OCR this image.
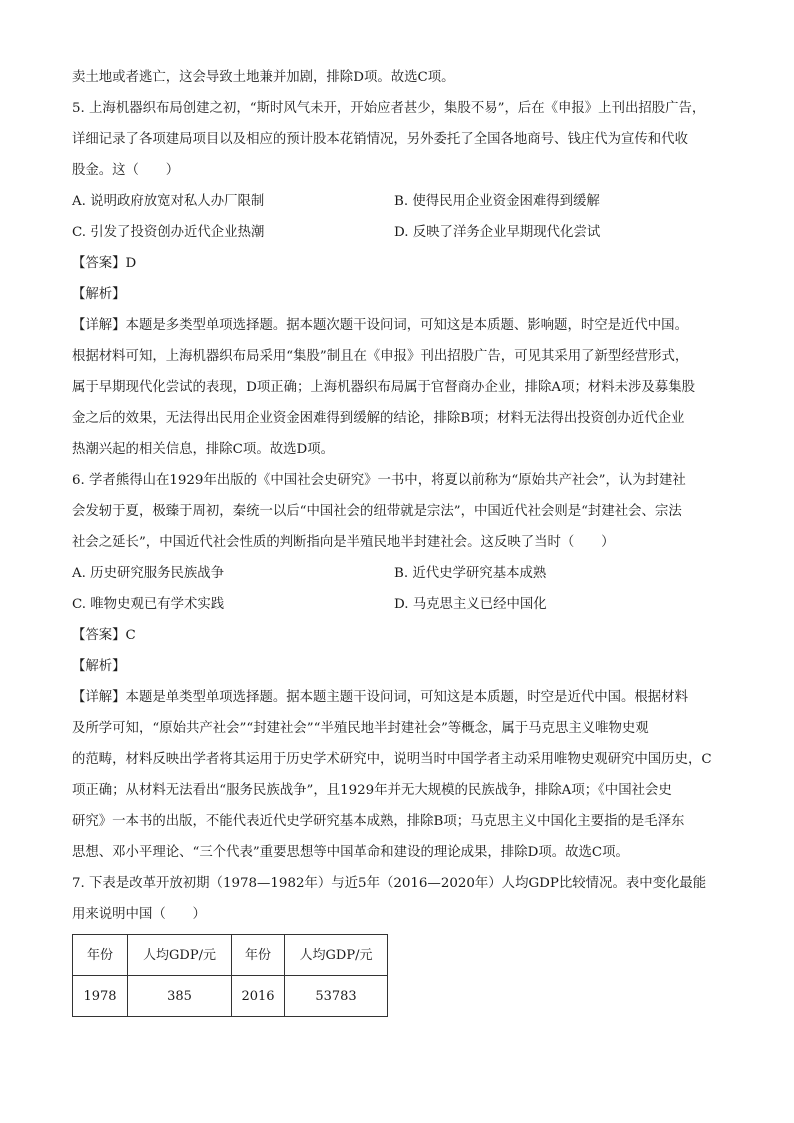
卖土地或者逃亡，这会导致土地兼并加剧，排除D项。故选C项。

5. 上海机器织布局创建之初，“斯时风气未开，开始应者甚少，集股不易”，后在《申报》上刊出招股广告，

详细记录了各项建局项目以及相应的预计股本花销情况，另外委托了全国各地商号、钱庄代为宣传和代收

股金。这（　　）

A. 说明政府放宽对私人办厂限制	B. 使得民用企业资金困难得到缓解
C. 引发了投资创办近代企业热潮	D. 反映了洋务企业早期现代化尝试

【答案】D

【解析】

【详解】本题是多类型单项选择题。据本题次题干设问词，可知这是本质题、影响题，时空是近代中国。

根据材料可知，上海机器织布局采用“集股”制且在《申报》刊出招股广告，可见其采用了新型经营形式，

属于早期现代化尝试的表现，D项正确；上海机器织布局属于官督商办企业，排除A项；材料未涉及募集股

金之后的效果，无法得出民用企业资金困难得到缓解的结论，排除B项；材料无法得出投资创办近代企业

热潮兴起的相关信息，排除C项。故选D项。

6. 学者熊得山在1929年出版的《中国社会史研究》一书中，将夏以前称为“原始共产社会”，认为封建社

会发轫于夏，极臻于周初，秦统一以后“中国社会的纽带就是宗法”，中国近代社会则是“封建社会、宗法

社会之延长”，中国近代社会性质的判断指向是半殖民地半封建社会。这反映了当时（　　）

A. 历史研究服务民族战争	B. 近代史学研究基本成熟
C. 唯物史观已有学术实践	D. 马克思主义已经中国化

【答案】C

【解析】

【详解】本题是单类型单项选择题。据本题主题干设问词，可知这是本质题，时空是近代中国。根据材料

及所学可知，“原始共产社会”“封建社会”“半殖民地半封建社会”等概念，属于马克思主义唯物史观

的范畴，材料反映出学者将其运用于历史学术研究中，说明当时中国学者主动采用唯物史观研究中国历史，C

项正确；从材料无法看出“服务民族战争”，且1929年并无大规模的民族战争，排除A项；《中国社会史

研究》一本书的出版，不能代表近代史学研究基本成熟，排除B项；马克思主义中国化主要指的是毛泽东

思想、邓小平理论、“三个代表”重要思想等中国革命和建设的理论成果，排除D项。故选C项。

7. 下表是改革开放初期（1978—1982年）与近5年（2016—2020年）人均GDP比较情况。表中变化最能

用来说明中国（　　）

年份	人均GDP/元	年份	人均GDP/元
1978	385	2016	53783
